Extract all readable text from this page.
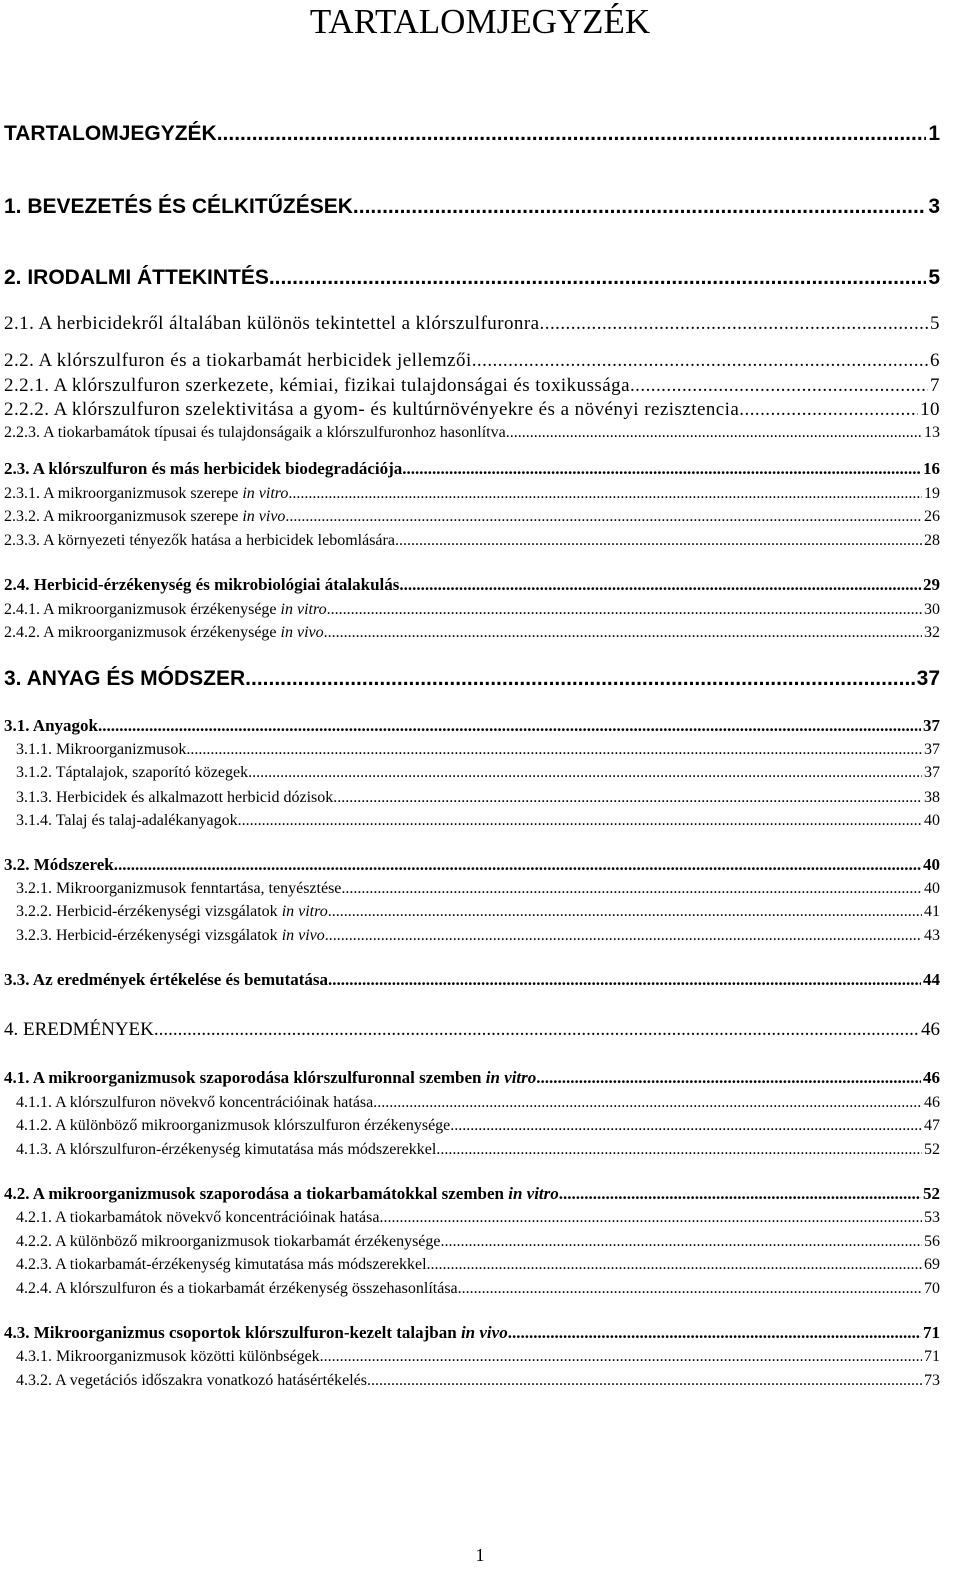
TARTALOMJEGYZÉK
TARTALOMJEGYZÉK .....	1
1. BEVEZETÉS ÉS CÉLKITŰZÉSEK .....	3
2. IRODALMI ÁTTEKINTÉS .....	5
2.1. A herbicidekről általában különös tekintettel a klórszulfuronra .....	5
2.2. A klórszulfuron és a tiokarbamát herbicidek jellemzői .....	6
2.2.1. A klórszulfuron szerkezete, kémiai, fizikai tulajdonságai és toxikussága .....	7
2.2.2. A klórszulfuron szelektivitása a gyom- és kultúrnövényekre és a növényi rezisztencia .....	10
2.2.3. A tiokarbamátok típusai és tulajdonságaik a klórszulfuronhoz hasonlítva .....	13
2.3. A klórszulfuron és más herbicidek biodegradációja .....	16
2.3.1. A mikroorganizmusok szerepe in vitro .....	19
2.3.2. A mikroorganizmusok szerepe in vivo .....	26
2.3.3. A környezeti tényezők hatása a herbicidek lebomlására .....	28
2.4. Herbicid-érzékenység és mikrobiológiai átalakulás .....	29
2.4.1. A mikroorganizmusok érzékenysége in vitro .....	30
2.4.2. A mikroorganizmusok érzékenysége in vivo .....	32
3. ANYAG ÉS MÓDSZER .....	37
3.1. Anyagok .....	37
3.1.1. Mikroorganizmusok .....	37
3.1.2. Táptalajok, szaporító közegek .....	37
3.1.3. Herbicidek és alkalmazott herbicid dózisok .....	38
3.1.4. Talaj és talaj-adalékanyagok .....	40
3.2. Módszerek .....	40
3.2.1. Mikroorganizmusok fenntartása, tenyésztése .....	40
3.2.2. Herbicid-érzékenységi vizsgálatok in vitro .....	41
3.2.3. Herbicid-érzékenységi vizsgálatok in vivo .....	43
3.3. Az eredmények értékelése és bemutatása .....	44
4. EREDMÉNYEK .....	46
4.1. A mikroorganizmusok szaporodása klórszulfuronnal szemben in vitro .....	46
4.1.1. A klórszulfuron növekvő koncentrációinak hatása .....	46
4.1.2. A különböző mikroorganizmusok klórszulfuron érzékenysége .....	47
4.1.3. A klórszulfuron-érzékenység kimutatása más módszerekkel .....	52
4.2. A mikroorganizmusok szaporodása a tiokarbamátokkal szemben in vitro .....	52
4.2.1. A tiokarbamátok növekvő koncentrációinak hatása .....	53
4.2.2. A különböző mikroorganizmusok tiokarbamát érzékenysége .....	56
4.2.3. A tiokarbamát-érzékenység kimutatása más módszerekkel .....	69
4.2.4. A klórszulfuron és a tiokarbamát érzékenység összehasonlítása .....	70
4.3. Mikroorganizmus csoportok klórszulfuron-kezelt talajban in vivo .....	71
4.3.1. Mikroorganizmusok közötti különbségek .....	71
4.3.2. A vegetációs időszakra vonatkozó hatásértékelés .....	73
1
